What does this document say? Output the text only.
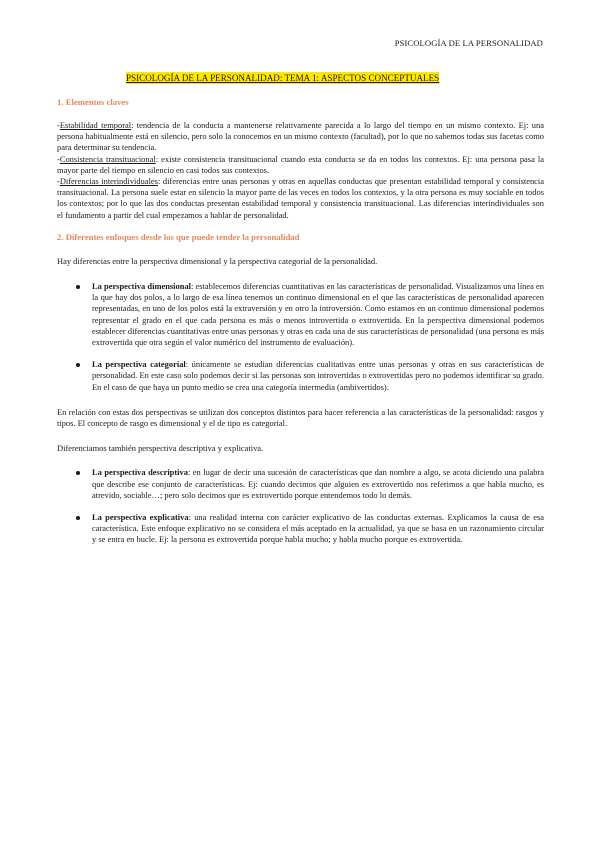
PSICOLOGÍA DE LA PERSONALIDAD
PSICOLOGÍA DE LA PERSONALIDAD: TEMA 1: ASPECTOS CONCEPTUALES
1. Elementos claves

-Estabilidad temporal: tendencia de la conducta a mantenerse relativamente parecida a lo largo del tiempo en un mismo contexto. Ej: una persona habitualmente está en silencio, pero solo la conocemos en un mismo contexto (facultad), por lo que no sabemos todas sus facetas como para determinar su tendencia.
-Consistencia transituacional: existe consistencia transituacional cuando esta conducta se da en todos los contextos. Ej: una persona pasa la mayor parte del tiempo en silencio en casi todos sus contextos.
-Diferencias interindividuales: diferencias entre unas personas y otras en aquellas conductas que presentan estabilidad temporal y consistencia transituacional. La persona suele estar en silencio la mayor parte de las veces en todos los contextos, y la otra persona es muy sociable en todos los contextos; por lo que las dos conductas presentan estabilidad temporal y consistencia transituacional. Las diferencias interindividuales son el fundamento a partir del cual empezamos a hablar de personalidad.

2. Diferentes enfoques desde los que puede tender la personalidad

Hay diferencias entre la perspectiva dimensional y la perspectiva categorial de la personalidad.

La perspectiva dimensional: establecemos diferencias cuantitativas en las características de personalidad. Visualizamos una línea en la que hay dos polos, a lo largo de esa línea tenemos un continuo dimensional en el que las características de personalidad aparecen representadas, en uno de los polos está la extraversión y en otro la introversión. Como estamos en un continuo dimensional podemos representar el grado en el que cada persona es más o menos introvertida o extrovertida. En la perspectiva dimensional podemos establecer diferencias cuantitativas entre unas personas y otras en cada una de sus características de personalidad (una persona es más extrovertida que otra según el valor numérico del instrumento de evaluación).

La perspectiva categorial: únicamente se estudian diferencias cualitativas entre unas personas y otras en sus características de personalidad. En este caso solo podemos decir si las personas son introvertidas o extrovertidas pero no podemos identificar su grado. En el caso de que haya un punto medio se crea una categoría intermedia (ambivertidos).

En relación con estas dos perspectivas se utilizan dos conceptos distintos para hacer referencia a las características de la personalidad: rasgos y tipos. El concepto de rasgo es dimensional y el de tipo es categorial.

Diferenciamos también perspectiva descriptiva y explicativa.

La perspectiva descriptiva: en lugar de decir una sucesión de características que dan nombre a algo, se acota diciendo una palabra que describe ese conjunto de características. Ej: cuando decimos que alguien es extrovertido nos referimos a que habla mucho, es atrevido, sociable…; pero solo decimos que es extrovertido porque entendemos todo lo demás.

La perspectiva explicativa: una realidad interna con carácter explicativo de las conductas externas. Explicamos la causa de esa característica. Este enfoque explicativo no se considera el más aceptado en la actualidad, ya que se basa en un razonamiento circular y se entra en bucle. Ej: la persona es extrovertida porque habla mucho; y habla mucho porque es extrovertida.
